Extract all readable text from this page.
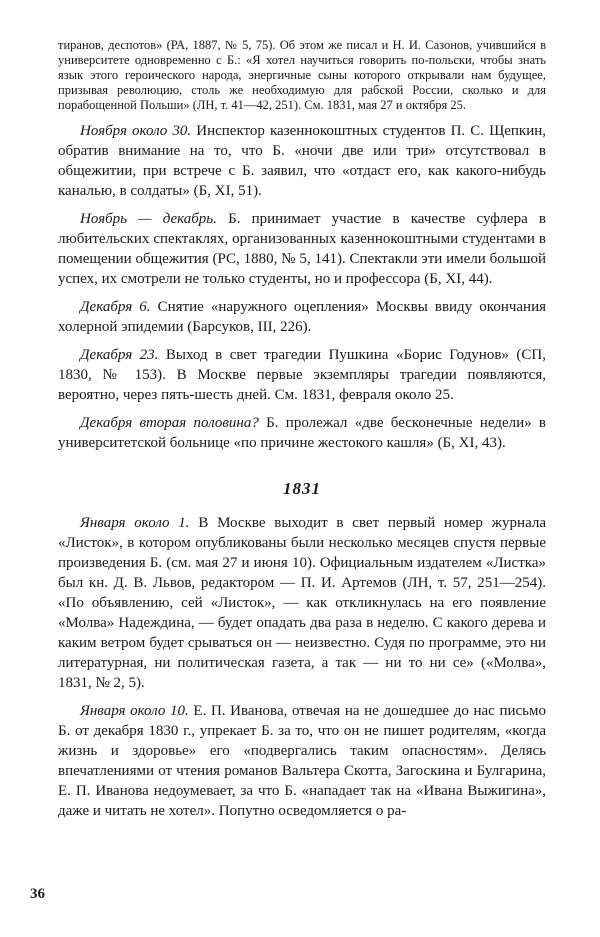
тиранов, деспотов» (РА, 1887, № 5, 75). Об этом же писал и Н. И. Сазонов, учившийся в университете одновременно с Б.: «Я хотел научиться говорить по-польски, чтобы знать язык этого героического народа, энергичные сыны которого открывали нам будущее, призывая революцию, столь же необходимую для рабской России, сколько и для порабощенной Польши» (ЛН, т. 41—42, 251). См. 1831, мая 27 и октября 25.

Ноября около 30. Инспектор казеннокоштных студентов П. С. Щепкин, обратив внимание на то, что Б. «ночи две или три» отсутствовал в общежитии, при встрече с Б. заявил, что «отдаст его, как какого-нибудь каналью, в солдаты» (Б, XI, 51).

Ноябрь — декабрь. Б. принимает участие в качестве суфлера в любительских спектаклях, организованных казеннокоштными студентами в помещении общежития (РС, 1880, № 5, 141). Спектакли эти имели большой успех, их смотрели не только студенты, но и профессора (Б, XI, 44).

Декабря 6. Снятие «наружного оцепления» Москвы ввиду окончания холерной эпидемии (Барсуков, III, 226).

Декабря 23. Выход в свет трагедии Пушкина «Борис Годунов» (СП, 1830, № 153). В Москве первые экземпляры трагедии появляются, вероятно, через пять-шесть дней. См. 1831, февраля около 25.

Декабря вторая половина? Б. пролежал «две бесконечные недели» в университетской больнице «по причине жестокого кашля» (Б, XI, 43).

1831

Января около 1. В Москве выходит в свет первый номер журнала «Листок», в котором опубликованы были несколько месяцев спустя первые произведения Б. (см. мая 27 и июня 10). Официальным издателем «Листка» был кн. Д. В. Львов, редактором — П. И. Артемов (ЛН, т. 57, 251—254). «По объявлению, сей «Листок», — как откликнулась на его появление «Молва» Надеждина, — будет опадать два раза в неделю. С какого дерева и каким ветром будет срываться он — неизвестно. Судя по программе, это ни литературная, ни политическая газета, а так — ни то ни се» («Молва», 1831, № 2, 5).

Января около 10. Е. П. Иванова, отвечая на не дошедшее до нас письмо Б. от декабря 1830 г., упрекает Б. за то, что он не пишет родителям, «когда жизнь и здоровье» его «подвергались таким опасностям». Делясь впечатлениями от чтения романов Вальтера Скотта, Загоскина и Булгарина, Е. П. Иванова недоумевает, за что Б. «нападает так на «Ивана Выжигина», даже и читать не хотел». Попутно осведомляется о ра-

36
